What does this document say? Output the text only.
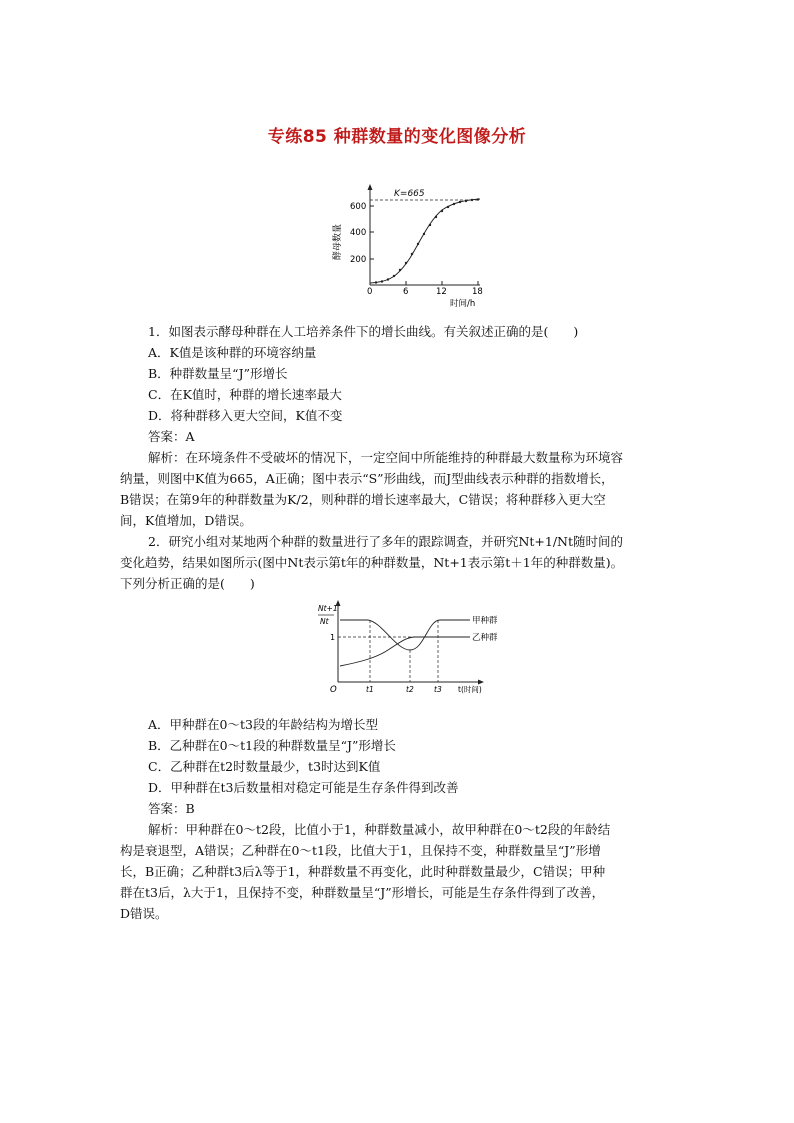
专练85 种群数量的变化图像分析
K=665
600
400
200
酵母数量
0	6	12	18
时间/h

1．如图表示酵母种群在人工培养条件下的增长曲线。有关叙述正确的是(　　)

A．K值是该种群的环境容纳量

B．种群数量呈“J”形增长

C．在K值时，种群的增长速率最大

D．将种群移入更大空间，K值不变

答案：A

解析：在环境条件不受破坏的情况下，一定空间中所能维持的种群最大数量称为环境容

纳量，则图中K值为665，A正确；图中表示“S”形曲线，而J型曲线表示种群的指数增长，

B错误；在第9年的种群数量为K/2，则种群的增长速率最大，C错误；将种群移入更大空

间，K值增加，D错误。

2．研究小组对某地两个种群的数量进行了多年的跟踪调查，并研究Nt+1/Nt随时间的

变化趋势，结果如图所示(图中Nt表示第t年的种群数量，Nt+1表示第t＋1年的种群数量)。

下列分析正确的是(　　)

Nt+1
Nt
1
O	t1	t2	t3 t(时间)
甲种群
乙种群

A．甲种群在0～t3段的年龄结构为增长型

B．乙种群在0～t1段的种群数量呈“J”形增长

C．乙种群在t2时数量最少，t3时达到K值

D．甲种群在t3后数量相对稳定可能是生存条件得到改善

答案：B

解析：甲种群在0～t2段，比值小于1，种群数量减小，故甲种群在0～t2段的年龄结

构是衰退型，A错误；乙种群在0～t1段，比值大于1，且保持不变，种群数量呈“J”形增

长，B正确；乙种群t3后λ等于1，种群数量不再变化，此时种群数量最少，C错误；甲种

群在t3后，λ大于1，且保持不变，种群数量呈“J”形增长，可能是生存条件得到了改善，

D错误。
